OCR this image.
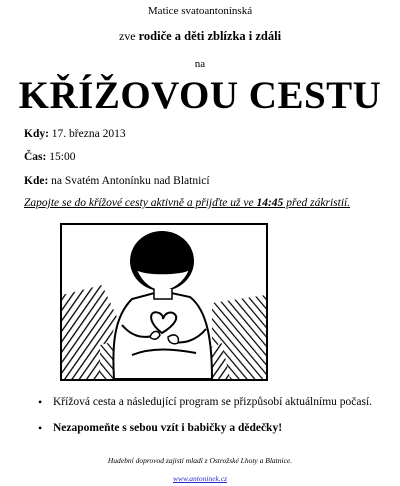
Matice svatoantonínská
zve rodiče a děti zblízka i zdáli
na
KŘÍŽOVOU CESTU
Kdy: 17. března 2013
Čas: 15:00
Kde: na Svatém Antonínku nad Blatnicí
Zapojte se do křížové cesty aktivně a přijďte už ve 14:45 před zákristií.
• Křížová cesta a následující program se přizpůsobí aktuálnímu počasí.
• Nezapomeňte s sebou vzít i babičky a dědečky!
Hudební doprovod zajistí mladí z Ostrožské Lhoty a Blatnice.
www.antoninek.cz
